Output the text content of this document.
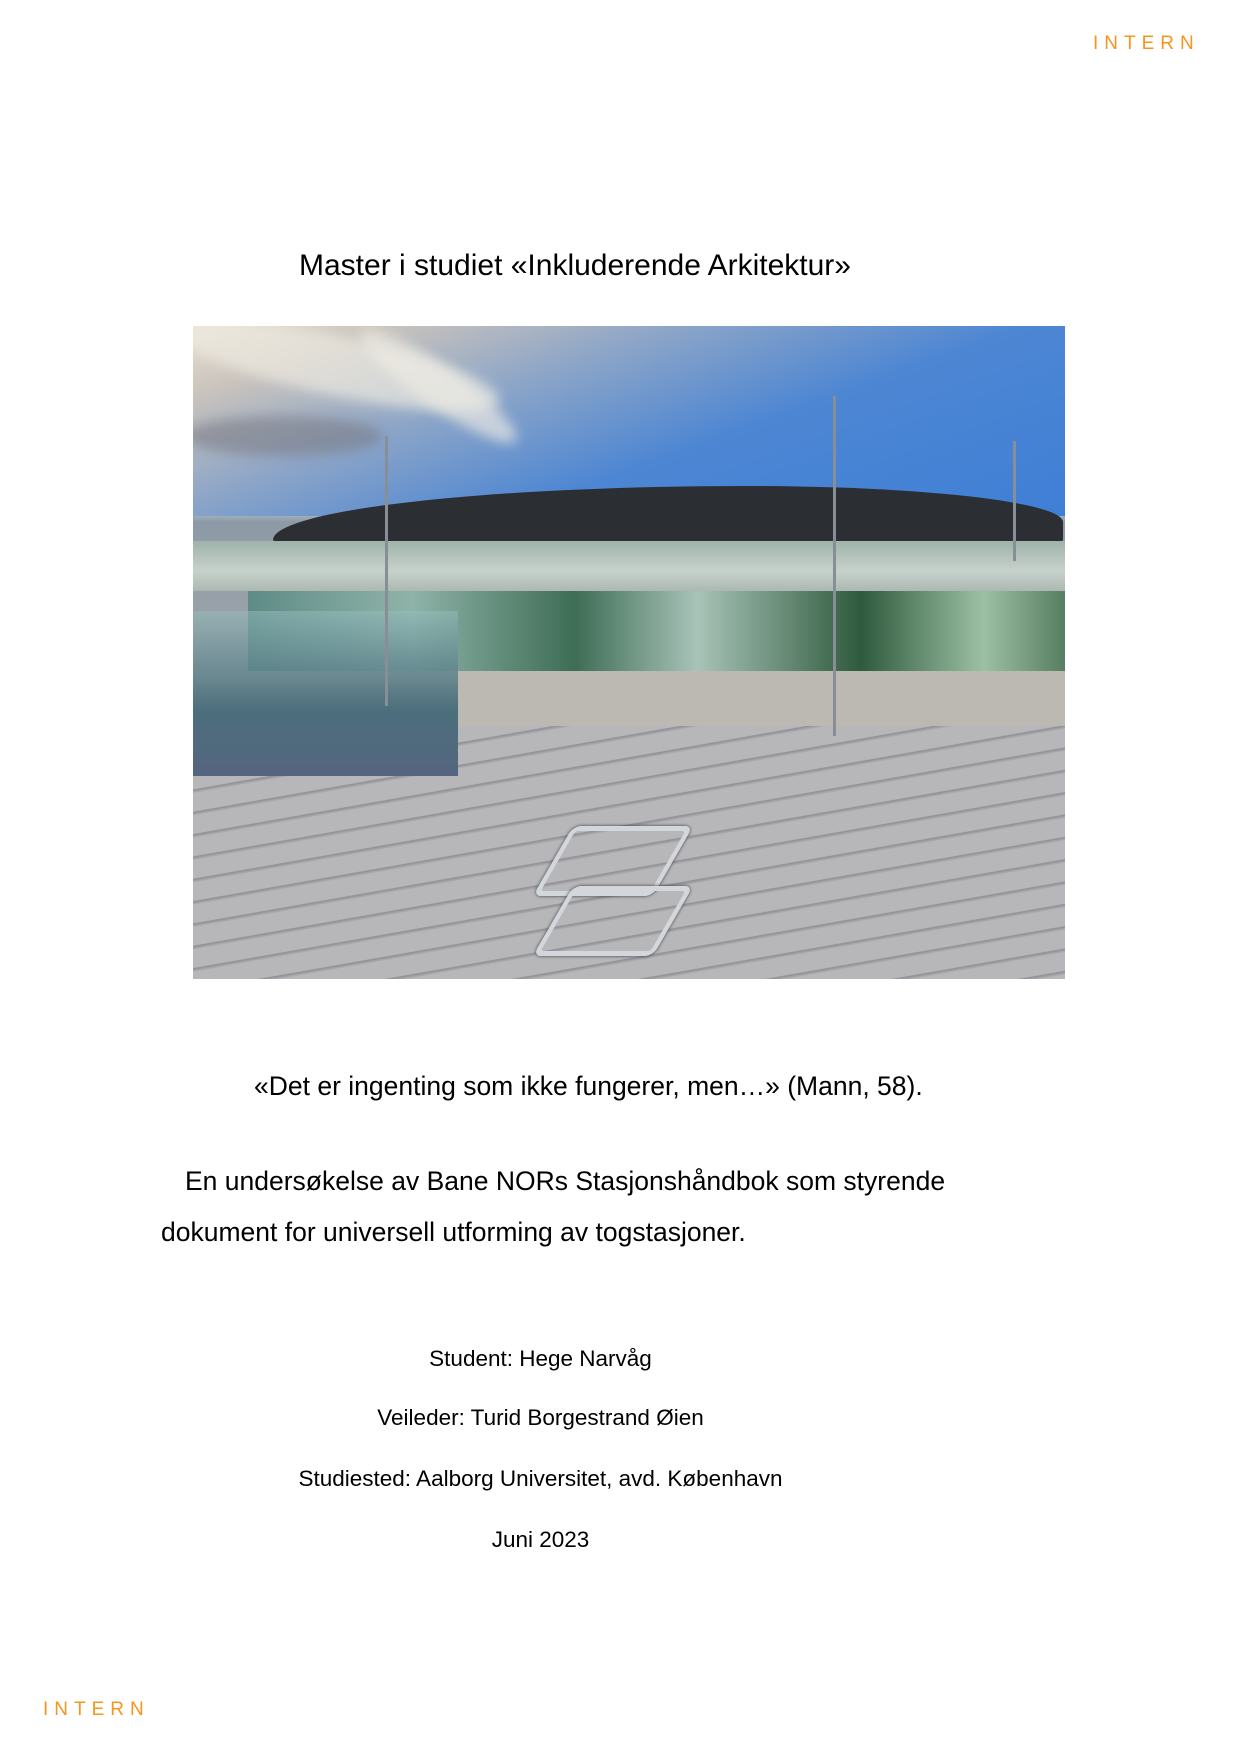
INTERN
Master i studiet «Inkluderende Arkitektur»
«Det er ingenting som ikke fungerer, men…» (Mann, 58).
En undersøkelse av Bane NORs Stasjonshåndbok som styrende
dokument for universell utforming av togstasjoner.
Student: Hege Narvåg
Veileder: Turid Borgestrand Øien
Studiested: Aalborg Universitet, avd. København
Juni 2023
INTERN
